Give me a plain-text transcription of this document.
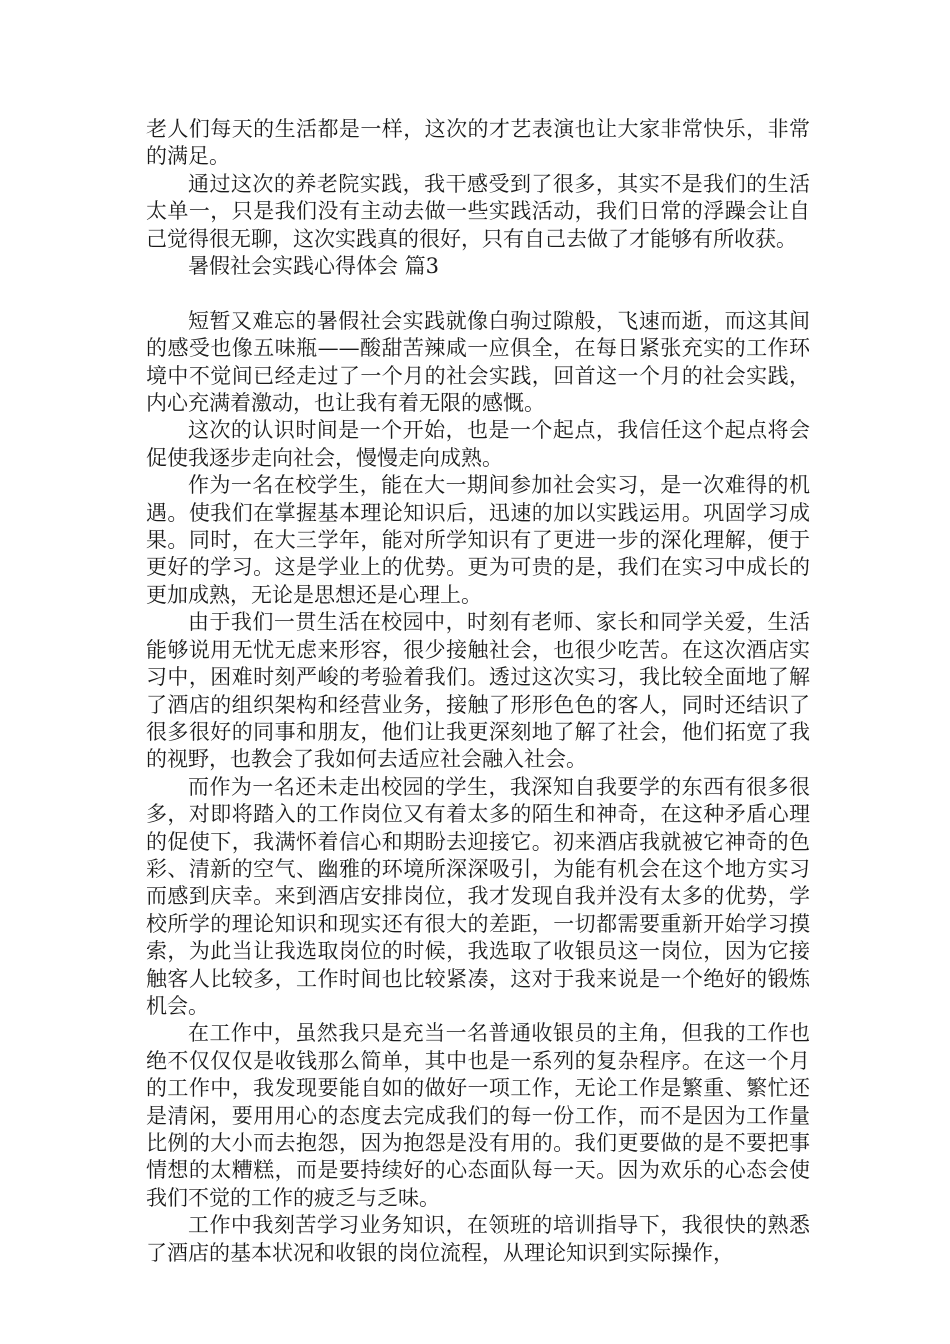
老人们每天的生活都是一样，这次的才艺表演也让大家非常快乐，非常的满足。

通过这次的养老院实践，我干感受到了很多，其实不是我们的生活太单一，只是我们没有主动去做一些实践活动，我们日常的浮躁会让自己觉得很无聊，这次实践真的很好，只有自己去做了才能够有所收获。

暑假社会实践心得体会 篇3

短暂又难忘的暑假社会实践就像白驹过隙般，飞速而逝，而这其间的感受也像五味瓶——酸甜苦辣咸一应俱全，在每日紧张充实的工作环境中不觉间已经走过了一个月的社会实践，回首这一个月的社会实践，内心充满着激动，也让我有着无限的感慨。

这次的认识时间是一个开始，也是一个起点，我信任这个起点将会促使我逐步走向社会，慢慢走向成熟。

作为一名在校学生，能在大一期间参加社会实习，是一次难得的机遇。使我们在掌握基本理论知识后，迅速的加以实践运用。巩固学习成果。同时，在大三学年，能对所学知识有了更进一步的深化理解，便于更好的学习。这是学业上的优势。更为可贵的是，我们在实习中成长的更加成熟，无论是思想还是心理上。

由于我们一贯生活在校园中，时刻有老师、家长和同学关爱，生活能够说用无忧无虑来形容，很少接触社会，也很少吃苦。在这次酒店实习中，困难时刻严峻的考验着我们。透过这次实习，我比较全面地了解了酒店的组织架构和经营业务，接触了形形色色的客人，同时还结识了很多很好的同事和朋友，他们让我更深刻地了解了社会，他们拓宽了我的视野，也教会了我如何去适应社会融入社会。

而作为一名还未走出校园的学生，我深知自我要学的东西有很多很多，对即将踏入的工作岗位又有着太多的陌生和神奇，在这种矛盾心理的促使下，我满怀着信心和期盼去迎接它。初来酒店我就被它神奇的色彩、清新的空气、幽雅的环境所深深吸引，为能有机会在这个地方实习而感到庆幸。来到酒店安排岗位，我才发现自我并没有太多的优势，学校所学的理论知识和现实还有很大的差距，一切都需要重新开始学习摸索，为此当让我选取岗位的时候，我选取了收银员这一岗位，因为它接触客人比较多，工作时间也比较紧凑，这对于我来说是一个绝好的锻炼机会。

在工作中，虽然我只是充当一名普通收银员的主角，但我的工作也绝不仅仅仅是收钱那么简单，其中也是一系列的复杂程序。在这一个月的工作中，我发现要能自如的做好一项工作，无论工作是繁重、繁忙还是清闲，要用用心的态度去完成我们的每一份工作，而不是因为工作量比例的大小而去抱怨，因为抱怨是没有用的。我们更要做的是不要把事情想的太糟糕，而是要持续好的心态面队每一天。因为欢乐的心态会使我们不觉的工作的疲乏与乏味。

工作中我刻苦学习业务知识，在领班的培训指导下，我很快的熟悉了酒店的基本状况和收银的岗位流程，从理论知识到实际操作，
